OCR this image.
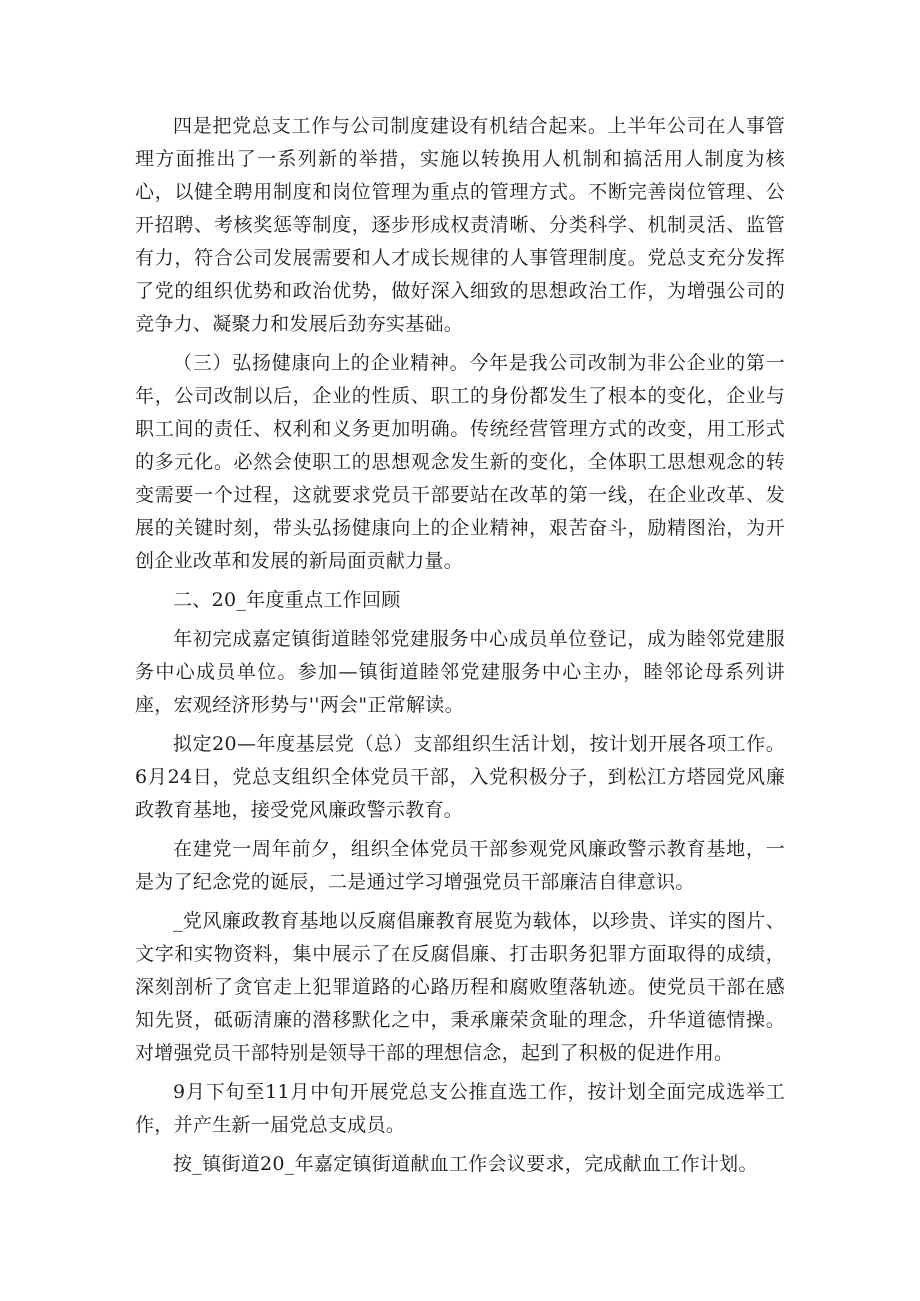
四是把党总支工作与公司制度建设有机结合起来。上半年公司在人事管理方面推出了一系列新的举措，实施以转换用人机制和搞活用人制度为核心，以健全聘用制度和岗位管理为重点的管理方式。不断完善岗位管理、公开招聘、考核奖惩等制度，逐步形成权责清晰、分类科学、机制灵活、监管有力，符合公司发展需要和人才成长规律的人事管理制度。党总支充分发挥了党的组织优势和政治优势，做好深入细致的思想政治工作，为增强公司的竞争力、凝聚力和发展后劲夯实基础。

（三）弘扬健康向上的企业精神。今年是我公司改制为非公企业的第一年，公司改制以后，企业的性质、职工的身份都发生了根本的变化，企业与职工间的责任、权利和义务更加明确。传统经营管理方式的改变，用工形式的多元化。必然会使职工的思想观念发生新的变化，全体职工思想观念的转变需要一个过程，这就要求党员干部要站在改革的第一线，在企业改革、发展的关键时刻，带头弘扬健康向上的企业精神，艰苦奋斗，励精图治，为开创企业改革和发展的新局面贡献力量。

二、20_年度重点工作回顾

年初完成嘉定镇街道睦邻党建服务中心成员单位登记，成为睦邻党建服务中心成员单位。参加—镇街道睦邻党建服务中心主办，睦邻论母系列讲座，宏观经济形势与''两会"正常解读。

拟定20—年度基层党（总）支部组织生活计划，按计划开展各项工作。6月24日，党总支组织全体党员干部，入党积极分子，到松江方塔园党风廉政教育基地，接受党风廉政警示教育。

在建党一周年前夕，组织全体党员干部参观党风廉政警示教育基地，一是为了纪念党的诞辰，二是通过学习增强党员干部廉洁自律意识。

_党风廉政教育基地以反腐倡廉教育展览为载体，以珍贵、详实的图片、文字和实物资料，集中展示了在反腐倡廉、打击职务犯罪方面取得的成绩，深刻剖析了贪官走上犯罪道路的心路历程和腐败堕落轨迹。使党员干部在感知先贤，砥砺清廉的潜移默化之中，秉承廉荣贪耻的理念，升华道德情操。对增强党员干部特别是领导干部的理想信念，起到了积极的促进作用。

9月下旬至11月中旬开展党总支公推直选工作，按计划全面完成选举工作，并产生新一届党总支成员。

按_镇街道20_年嘉定镇街道献血工作会议要求，完成献血工作计划。
